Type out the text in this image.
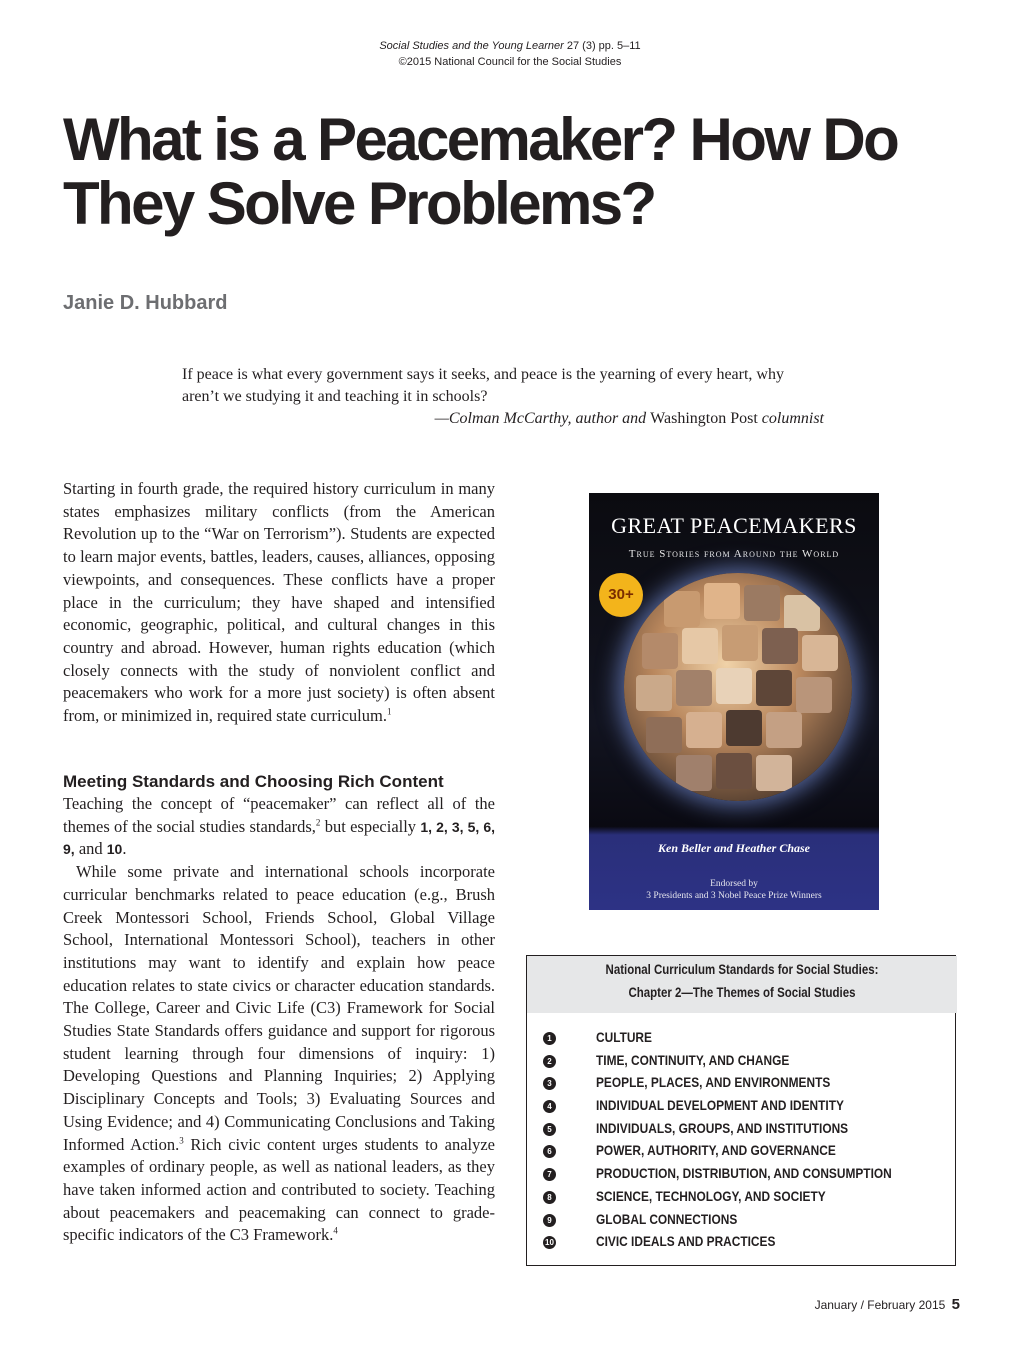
Social Studies and the Young Learner 27 (3) pp. 5–11
©2015 National Council for the Social Studies
What is a Peacemaker? How Do They Solve Problems?
Janie D. Hubbard
If peace is what every government says it seeks, and peace is the yearning of every heart, why aren’t we studying it and teaching it in schools?
—Colman McCarthy, author and Washington Post columnist

Starting in fourth grade, the required history curriculum in many states emphasizes military conflicts (from the American Revolution up to the “War on Terrorism”). Students are expected to learn major events, battles, leaders, causes, alliances, opposing viewpoints, and consequences. These conflicts have a proper place in the curriculum; they have shaped and intensified economic, geographic, political, and cultural changes in this country and abroad. However, human rights education (which closely connects with the study of nonviolent conflict and peacemakers who work for a more just society) is often absent from, or minimized in, required state curriculum.$^1$

Meeting Standards and Choosing Rich Content

Teaching the concept of “peacemaker” can reflect all of the themes of the social studies standards,$^2$ but especially 1, 2, 3, 5, 6, 9, and 10.

While some private and international schools incorporate curricular benchmarks related to peace education (e.g., Brush Creek Montessori School, Friends School, Global Village School, International Montessori School), teachers in other institutions may want to identify and explain how peace education relates to state civics or character education standards. The College, Career and Civic Life (C3) Framework for Social Studies State Standards offers guidance and support for rigorous student learning through four dimensions of inquiry: 1) Developing Questions and Planning Inquiries; 2) Applying Disciplinary Concepts and Tools; 3) Evaluating Sources and Using Evidence; and 4) Communicating Conclusions and Taking Informed Action.$^3$ Rich civic content urges students to analyze examples of ordinary people, as well as national leaders, as they have taken informed action and contributed to society. Teaching about peacemakers and peacemaking can connect to grade-specific indicators of the C3 Framework.$^4$

GREAT PEACEMAKERS
True Stories from Around the World
30+
Ken Beller and Heather Chase
Endorsed by
3 Presidents and 3 Nobel Peace Prize Winners
National Curriculum Standards for Social Studies:
Chapter 2—The Themes of Social Studies
1	CULTURE
2	TIME, CONTINUITY, AND CHANGE
3	PEOPLE, PLACES, AND ENVIRONMENTS
4	INDIVIDUAL DEVELOPMENT AND IDENTITY
5	INDIVIDUALS, GROUPS, AND INSTITUTIONS
6	POWER, AUTHORITY, AND GOVERNANCE
7	PRODUCTION, DISTRIBUTION, AND CONSUMPTION
8	SCIENCE, TECHNOLOGY, AND SOCIETY
9	GLOBAL CONNECTIONS
10	CIVIC IDEALS AND PRACTICES
January / February 2015 5
